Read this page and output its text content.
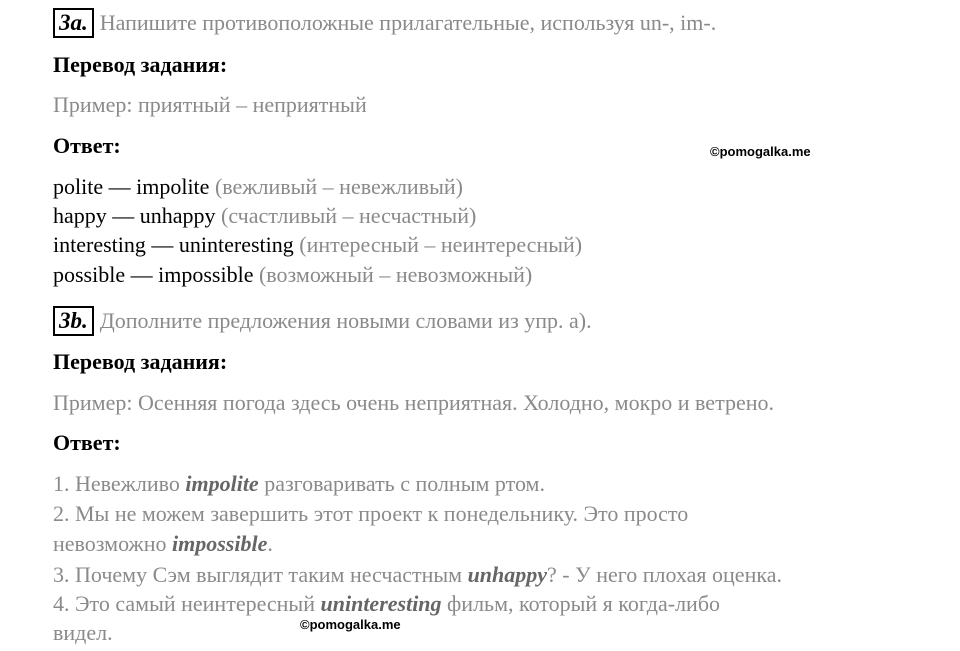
3a. Напишите противоположные прилагательные, используя un-, im-.
Перевод задания:
Пример: приятный – неприятный
Ответ:	©pomogalka.me
polite — impolite (вежливый – невежливый)
happy — unhappy (счастливый – несчастный)
interesting — uninteresting (интересный – неинтересный)
possible — impossible (возможный – невозможный)
3b. Дополните предложения новыми словами из упр. а).
Перевод задания:
Пример: Осенняя погода здесь очень неприятная. Холодно, мокро и ветрено.
Ответ:
1. Невежливо impolite разговаривать с полным ртом.
2. Мы не можем завершить этот проект к понедельнику. Это просто
невозможно impossible.
3. Почему Сэм выглядит таким несчастным unhappy? - У него плохая оценка.
4. Это самый неинтересный uninteresting фильм, который я когда-либо
видел.	©pomogalka.me
